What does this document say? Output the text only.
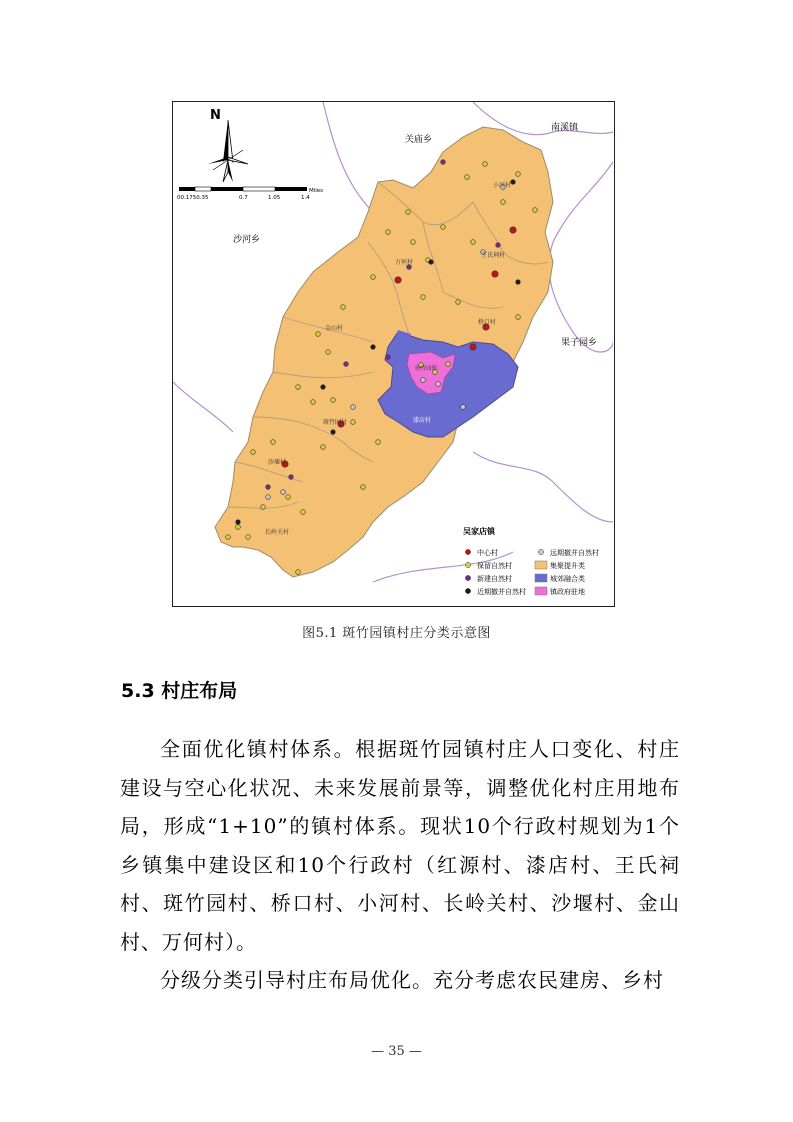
N
00.1750.35	0.7	1.05	1.4
Miles
关庙乡
南溪镇
沙河乡
果子园乡
吴家店镇
小河村
王氏祠村
万何村
桥口村
金山村
斑竹园镇
漆店村
斑竹园村
沙堰村
长岭关村
中心村
保留自然村
新建自然村
近期撤并自然村
远期撤并自然村
集聚提升类
城郊融合类
镇政府驻地
图5.1 斑竹园镇村庄分类示意图
5.3 村庄布局

全面优化镇村体系。根据斑竹园镇村庄人口变化、村庄建设与空心化状况、未来发展前景等，调整优化村庄用地布局，形成“1+10”的镇村体系。现状10个行政村规划为1个乡镇集中建设区和10个行政村（红源村、漆店村、王氏祠村、斑竹园村、桥口村、小河村、长岭关村、沙堰村、金山村、万何村）。

分级分类引导村庄布局优化。充分考虑农民建房、乡村

— 35 —
